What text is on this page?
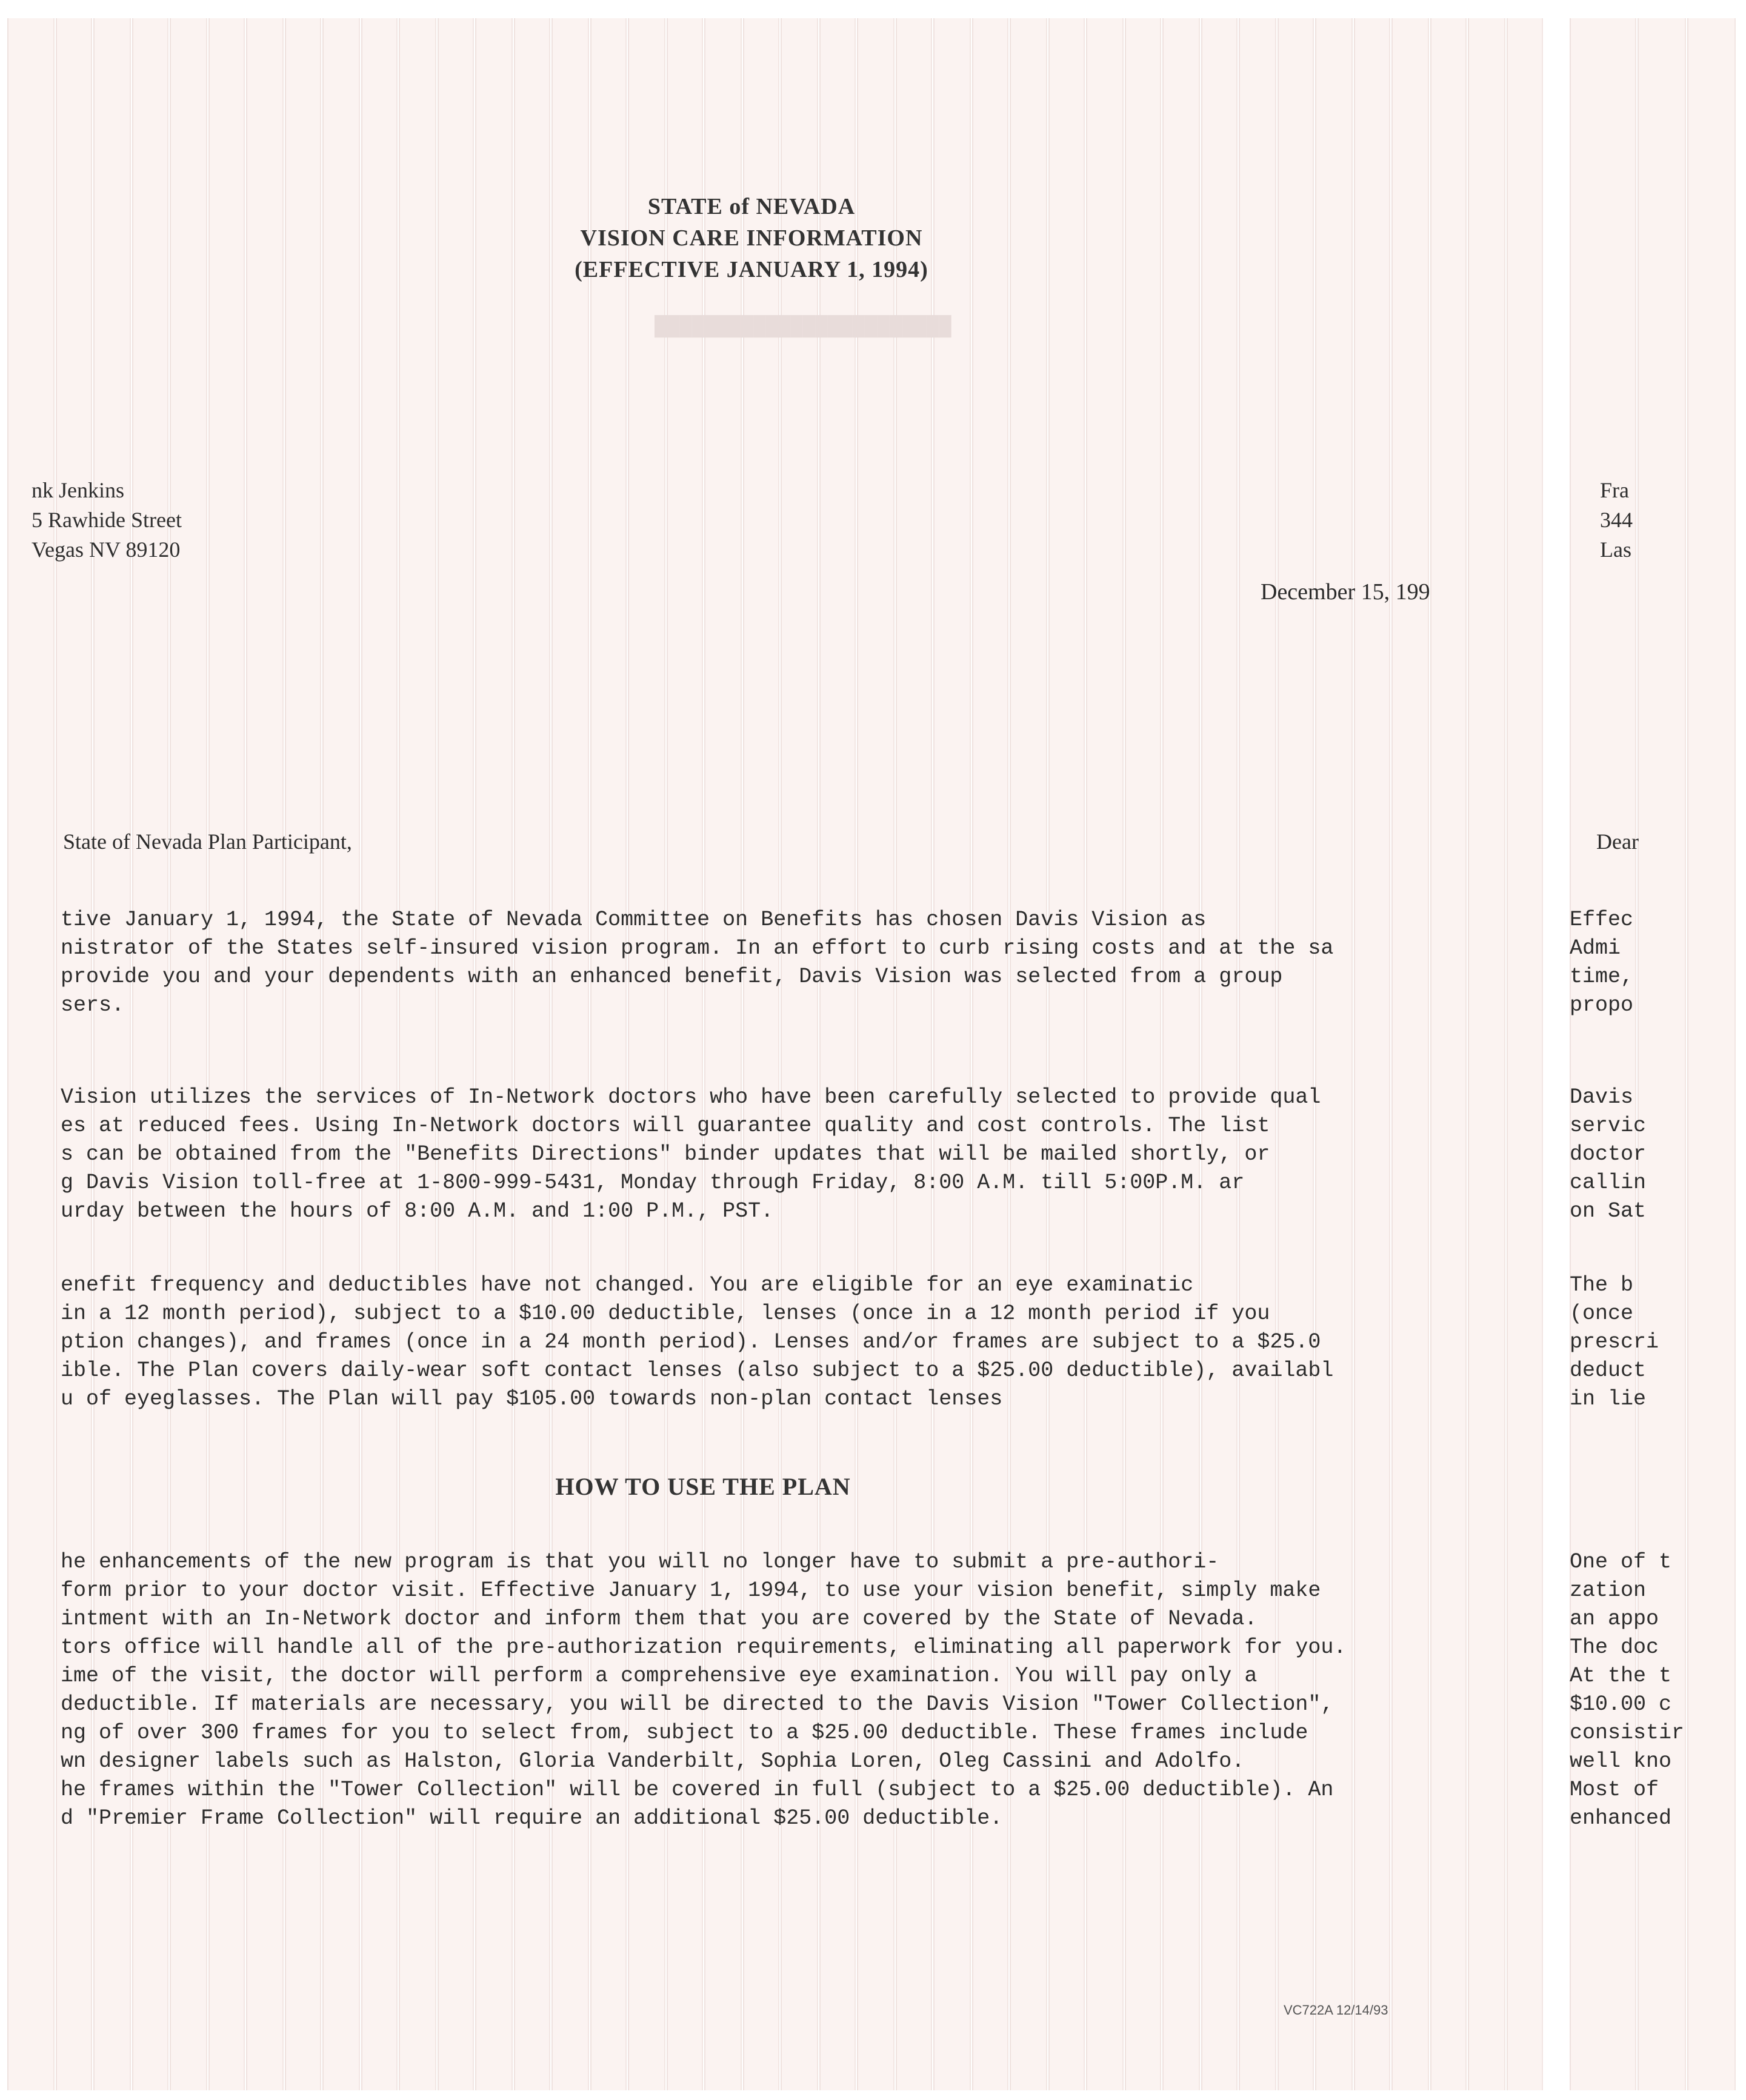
████████████████████████
STATE of NEVADA
VISION CARE INFORMATION
(EFFECTIVE JANUARY 1, 1994)
nk Jenkins
5 Rawhide Street
Vegas NV 89120
Fra
344
Las
December 15, 199
State of Nevada Plan Participant,	Dear
tive January 1, 1994, the State of Nevada Committee on Benefits has chosen Davis Vision as
nistrator of the States self-insured vision program. In an effort to curb rising costs and at the sa
provide you and your dependents with an enhanced benefit, Davis Vision was selected from a group
sers.
Effec
Admi
time,
propo
Vision utilizes the services of In-Network doctors who have been carefully selected to provide qual
es at reduced fees. Using In-Network doctors will guarantee quality and cost controls. The list
s can be obtained from the "Benefits Directions" binder updates that will be mailed shortly, or
g Davis Vision toll-free at 1-800-999-5431, Monday through Friday, 8:00 A.M. till 5:00P.M. ar
urday between the hours of 8:00 A.M. and 1:00 P.M., PST.
Davis
servic
doctor
callin
on Sat
enefit frequency and deductibles have not changed. You are eligible for an eye examinatic
in a 12 month period), subject to a $10.00 deductible, lenses (once in a 12 month period if you
ption changes), and frames (once in a 24 month period). Lenses and/or frames are subject to a $25.0
ible. The Plan covers daily-wear soft contact lenses (also subject to a $25.00 deductible), availabl
u of eyeglasses. The Plan will pay $105.00 towards non-plan contact lenses
The b
(once
prescri
deduct
in lie
HOW TO USE THE PLAN
he enhancements of the new program is that you will no longer have to submit a pre-authori-
form prior to your doctor visit. Effective January 1, 1994, to use your vision benefit, simply make
intment with an In-Network doctor and inform them that you are covered by the State of Nevada.
tors office will handle all of the pre-authorization requirements, eliminating all paperwork for you.
ime of the visit, the doctor will perform a comprehensive eye examination. You will pay only a
deductible. If materials are necessary, you will be directed to the Davis Vision "Tower Collection",
ng of over 300 frames for you to select from, subject to a $25.00 deductible. These frames include
wn designer labels such as Halston, Gloria Vanderbilt, Sophia Loren, Oleg Cassini and Adolfo.
he frames within the "Tower Collection" will be covered in full (subject to a $25.00 deductible). An
d "Premier Frame Collection" will require an additional $25.00 deductible.
One of t
zation
an appo
The doc
At the t
$10.00 c
consistir
well kno
Most of
enhanced
VC722A 12/14/93
